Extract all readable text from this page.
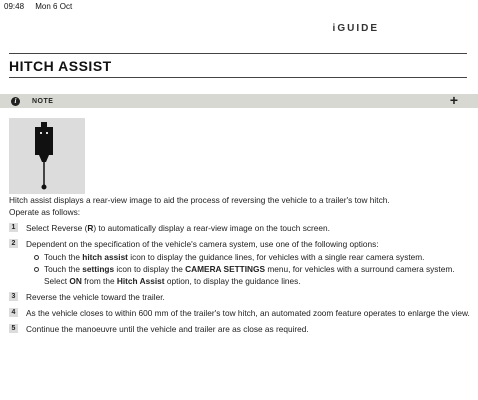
09:48 Mon 6 Oct
iGUIDE
HITCH ASSIST
i	NOTE	+

Hitch assist displays a rear-view image to aid the process of reversing the vehicle to a trailer's tow hitch.

Operate as follows:

1	Select Reverse (R) to automatically display a rear-view image on the touch screen.
2	Dependent on the specification of the vehicle's camera system, use one of the following options:
Touch the hitch assist icon to display the guidance lines, for vehicles with a single rear camera system.
Touch the settings icon to display the CAMERA SETTINGS menu, for vehicles with a surround camera system. Select ON from the Hitch Assist option, to display the guidance lines.
3	Reverse the vehicle toward the trailer.
4	As the vehicle closes to within 600 mm of the trailer's tow hitch, an automated zoom feature operates to enlarge the view.
5	Continue the manoeuvre until the vehicle and trailer are as close as required.
